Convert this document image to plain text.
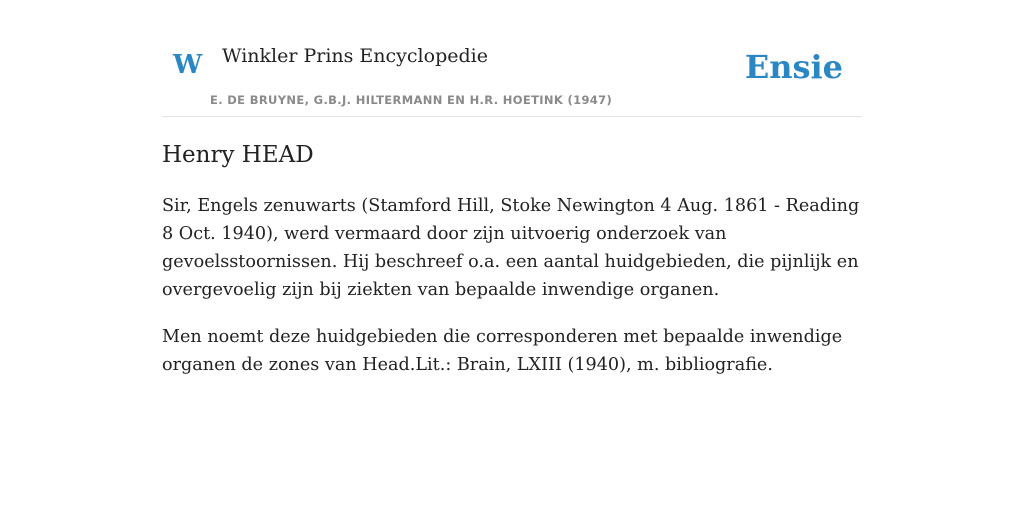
W Winkler Prins Encyclopedie
E. DE BRUYNE, G.B.J. HILTERMANN EN H.R. HOETINK (1947)
Ensie
Henry HEAD

Sir, Engels zenuwarts (Stamford Hill, Stoke Newington 4 Aug. 1861 - Reading 8 Oct. 1940), werd vermaard door zijn uitvoerig onderzoek van gevoelsstoornissen. Hij beschreef o.a. een aantal huidgebieden, die pijnlijk en overgevoelig zijn bij ziekten van bepaalde inwendige organen.

Men noemt deze huidgebieden die corresponderen met bepaalde inwendige organen de zones van Head.Lit.: Brain, LXIII (1940), m. bibliografie.
